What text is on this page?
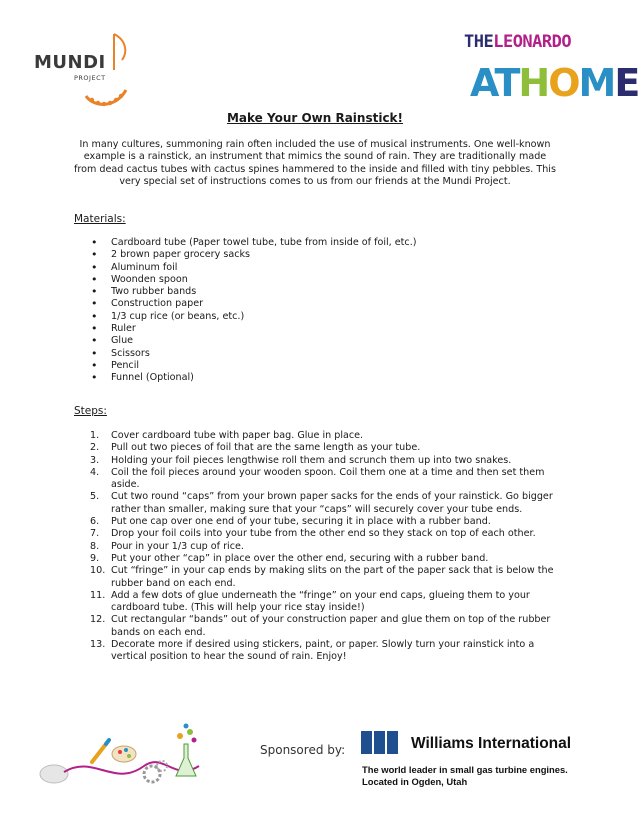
MUNDI
PROJECT
THELEONARDO
ATHOME
Make Your Own Rainstick!
In many cultures, summoning rain often included the use of musical instruments. One well-known example is a rainstick, an instrument that mimics the sound of rain. They are traditionally made from dead cactus tubes with cactus spines hammered to the inside and filled with tiny pebbles. This very special set of instructions comes to us from our friends at the Mundi Project.
Materials:
• Cardboard tube (Paper towel tube, tube from inside of foil, etc.)
• 2 brown paper grocery sacks
• Aluminum foil
• Woonden spoon
• Two rubber bands
• Construction paper
• 1/3 cup rice (or beans, etc.)
• Ruler
• Glue
• Scissors
• Pencil
• Funnel (Optional)
Steps:
1. Cover cardboard tube with paper bag. Glue in place.
2. Pull out two pieces of foil that are the same length as your tube.
3. Holding your foil pieces lengthwise roll them and scrunch them up into two snakes.
4. Coil the foil pieces around your wooden spoon. Coil them one at a time and then set them aside.
5. Cut two round “caps” from your brown paper sacks for the ends of your rainstick. Go bigger rather than smaller, making sure that your “caps” will securely cover your tube ends.
6. Put one cap over one end of your tube, securing it in place with a rubber band.
7. Drop your foil coils into your tube from the other end so they stack on top of each other.
8. Pour in your 1/3 cup of rice.
9. Put your other “cap” in place over the other end, securing with a rubber band.
10. Cut “fringe” in your cap ends by making slits on the part of the paper sack that is below the rubber band on each end.
11. Add a few dots of glue underneath the “fringe” on your end caps, glueing them to your cardboard tube. (This will help your rice stay inside!)
12. Cut rectangular “bands” out of your construction paper and glue them on top of the rubber bands on each end.
13. Decorate more if desired using stickers, paint, or paper. Slowly turn your rainstick into a vertical position to hear the sound of rain. Enjoy!
Sponsored by:	Williams International
The world leader in small gas turbine engines.
Located in Ogden, Utah
